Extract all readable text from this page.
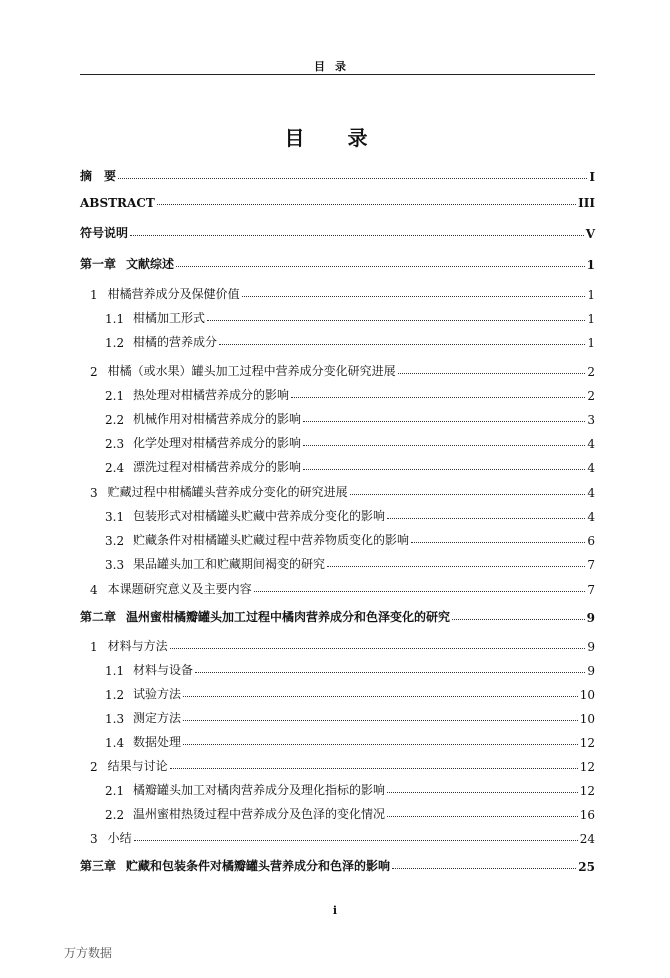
目录
目 录
摘　要	I
ABSTRACT	III
符号说明	V
第一章 文献综述	1
1 柑橘营养成分及保健价值	1
1.1 柑橘加工形式	1
1.2 柑橘的营养成分	1
2 柑橘（或水果）罐头加工过程中营养成分变化研究进展	2
2.1 热处理对柑橘营养成分的影响	2
2.2 机械作用对柑橘营养成分的影响	3
2.3 化学处理对柑橘营养成分的影响	4
2.4 漂洗过程对柑橘营养成分的影响	4
3 贮藏过程中柑橘罐头营养成分变化的研究进展	4
3.1 包装形式对柑橘罐头贮藏中营养成分变化的影响	4
3.2 贮藏条件对柑橘罐头贮藏过程中营养物质变化的影响	6
3.3 果品罐头加工和贮藏期间褐变的研究	7
4 本课题研究意义及主要内容	7
第二章 温州蜜柑橘瓣罐头加工过程中橘肉营养成分和色泽变化的研究	9
1 材料与方法	9
1.1 材料与设备	9
1.2 试验方法	10
1.3 测定方法	10
1.4 数据处理	12
2 结果与讨论	12
2.1 橘瓣罐头加工对橘肉营养成分及理化指标的影响	12
2.2 温州蜜柑热烫过程中营养成分及色泽的变化情况	16
3 小结	24
第三章 贮藏和包装条件对橘瓣罐头营养成分和色泽的影响	25
i
万方数据
